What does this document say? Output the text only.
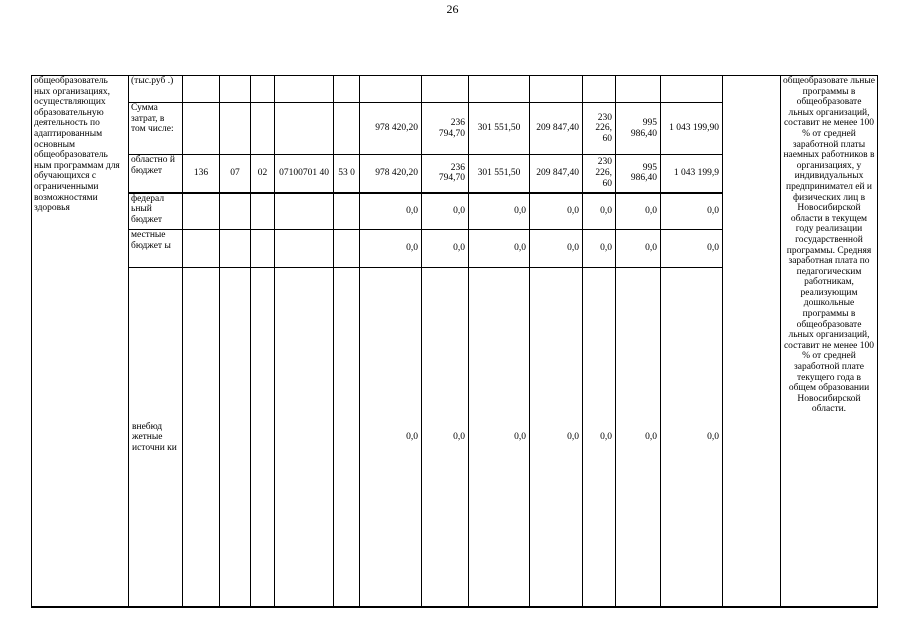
26
общеобразователь ных организациях, осуществляющих образовательную деятельность по адаптированным основным общеобразователь ным программам для обучающихся с ограниченными возможностями здоровья	(тыс.руб .)														общеобразовате льные программы в общеобразовате льных организаций, составит не менее 100 % от средней заработной платы наемных работников в организациях, у индивидуальных предпринимател ей и физических лиц в Новосибирской области в текущем году реализации государственной программы. Средняя заработная плата по педагогическим работникам, реализующим дошкольные программы в общеобразовате льных организаций, составит не менее 100 % от средней заработной плате текущего года в общем образовании Новосибирской области.
	Сумма затрат, в том числе:						978 420,20	236 794,70	301 551,50	209 847,40	230 226, 60	995 986,40	1 043 199,90		
	областно й бюджет	136	07	02	07100701 40	53 0	978 420,20	236 794,70	301 551,50	209 847,40	230 226, 60	995 986,40	1 043 199,9		
	федерал ьный бюджет						0,0	0,0	0,0	0,0	0,0	0,0	0,0		
	местные бюджет ы						0,0	0,0	0,0	0,0	0,0	0,0	0,0		
	внебюд жетные источни ки						0,0	0,0	0,0	0,0	0,0	0,0	0,0		
